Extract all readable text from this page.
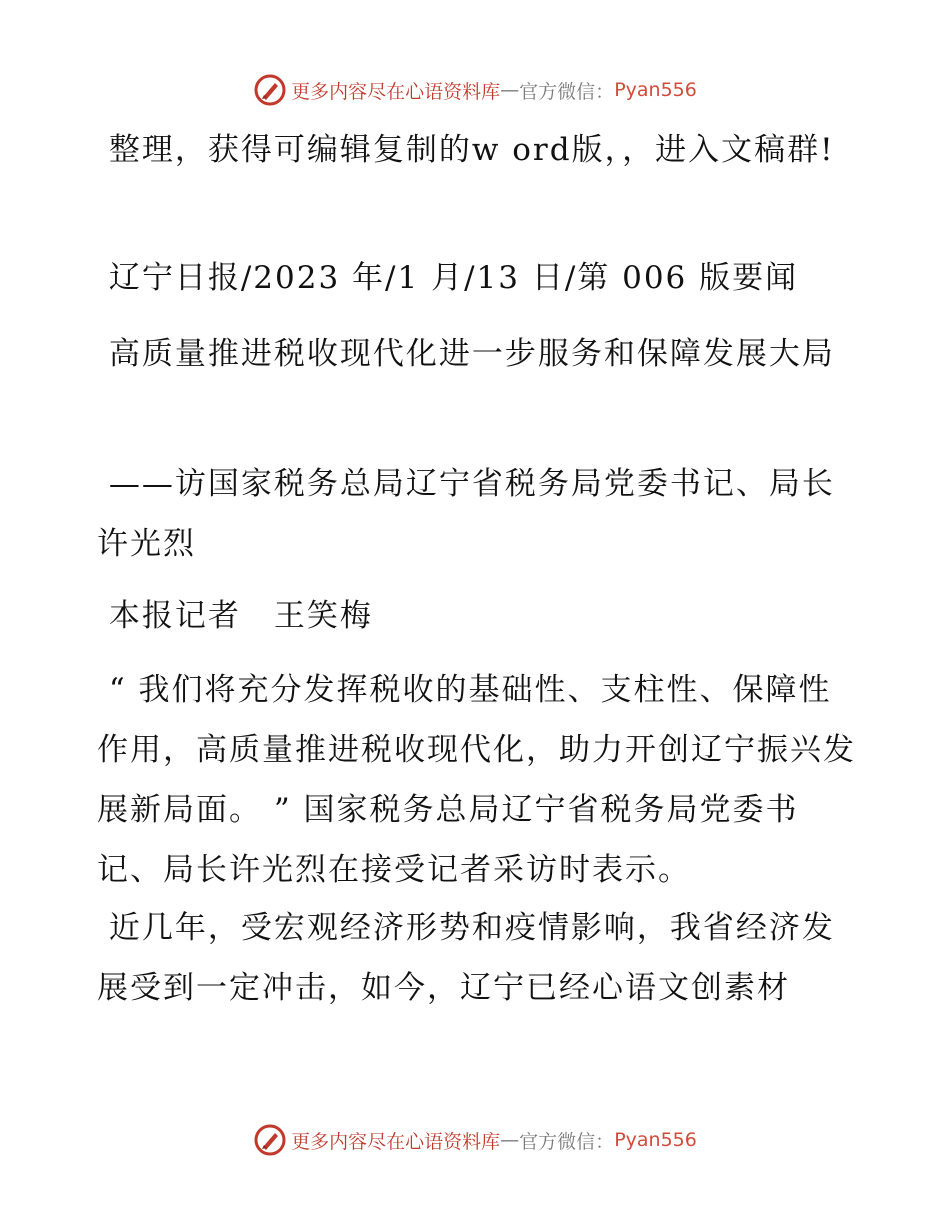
更多内容尽在心语资料库 — 官方微信： Pyan556

整理，获得可编辑复制的w ord版，，进入文稿群!

辽宁日报/2023 年/1 月/13 日/第 006 版要闻

高质量推进税收现代化进一步服务和保障发展大局

——访国家税务总局辽宁省税务局党委书记、局长许光烈

本报记者　王笑梅

“ 我们将充分发挥税收的基础性、支柱性、保障性作用，高质量推进税收现代化，助力开创辽宁振兴发展新局面。 ” 国家税务总局辽宁省税务局党委书记、局长许光烈在接受记者采访时表示。

近几年，受宏观经济形势和疫情影响，我省经济发展受到一定冲击，如今，辽宁已经心语文创素材

更多内容尽在心语资料库 — 官方微信： Pyan556
